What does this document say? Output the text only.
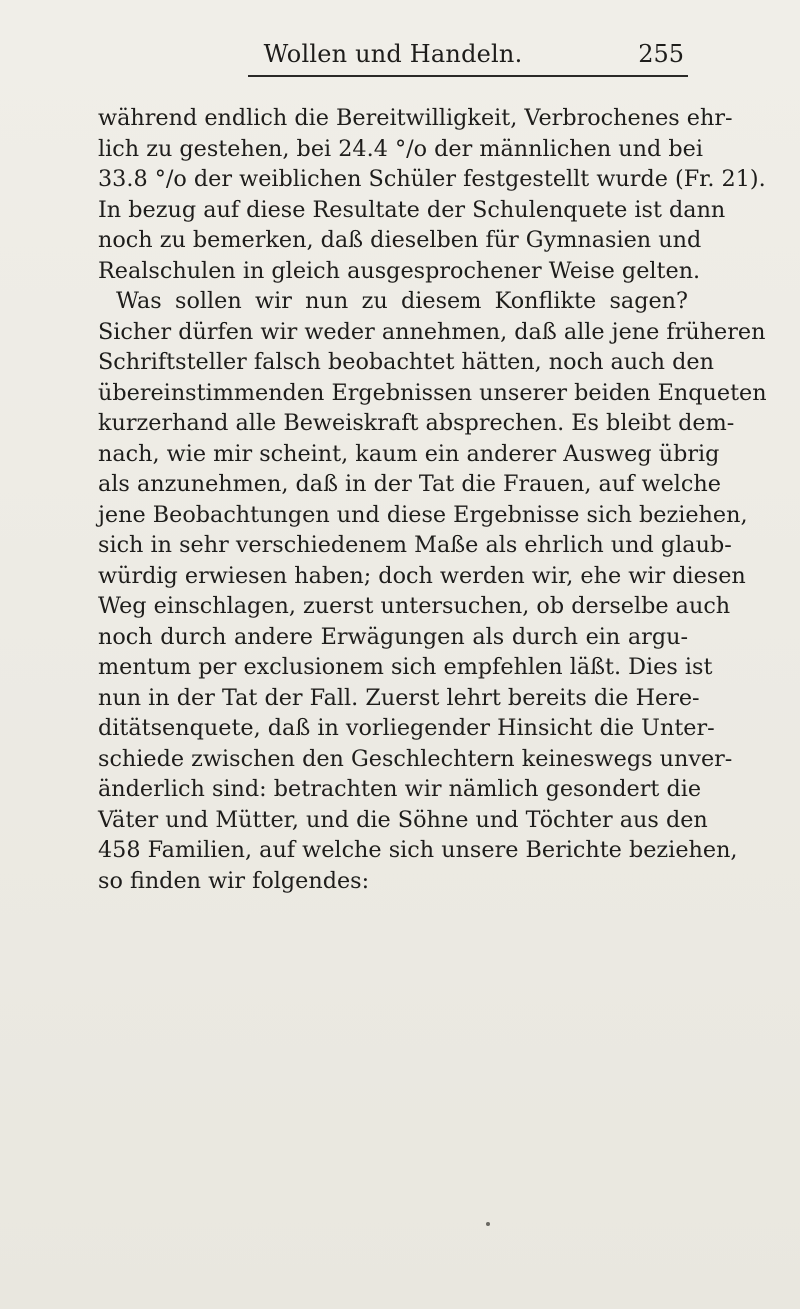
Wollen und Handeln.	255
während endlich die Bereitwilligkeit, Verbrochenes ehr-
lich zu gestehen, bei 24.4 °/o der männlichen und bei
33.8 °/o der weiblichen Schüler festgestellt wurde (Fr. 21).
In bezug auf diese Resultate der Schulenquete ist dann
noch zu bemerken, daß dieselben für Gymnasien und
Realschulen in gleich ausgesprochener Weise gelten.
Was sollen wir nun zu diesem Konflikte sagen?
Sicher dürfen wir weder annehmen, daß alle jene früheren
Schriftsteller falsch beobachtet hätten, noch auch den
übereinstimmenden Ergebnissen unserer beiden Enqueten
kurzerhand alle Beweiskraft absprechen. Es bleibt dem-
nach, wie mir scheint, kaum ein anderer Ausweg übrig
als anzunehmen, daß in der Tat die Frauen, auf welche
jene Beobachtungen und diese Ergebnisse sich beziehen,
sich in sehr verschiedenem Maße als ehrlich und glaub-
würdig erwiesen haben; doch werden wir, ehe wir diesen
Weg einschlagen, zuerst untersuchen, ob derselbe auch
noch durch andere Erwägungen als durch ein argu-
mentum per exclusionem sich empfehlen läßt. Dies ist
nun in der Tat der Fall. Zuerst lehrt bereits die Here-
ditätsenquete, daß in vorliegender Hinsicht die Unter-
schiede zwischen den Geschlechtern keineswegs unver-
änderlich sind: betrachten wir nämlich gesondert die
Väter und Mütter, und die Söhne und Töchter aus den
458 Familien, auf welche sich unsere Berichte beziehen,
so finden wir folgendes:
